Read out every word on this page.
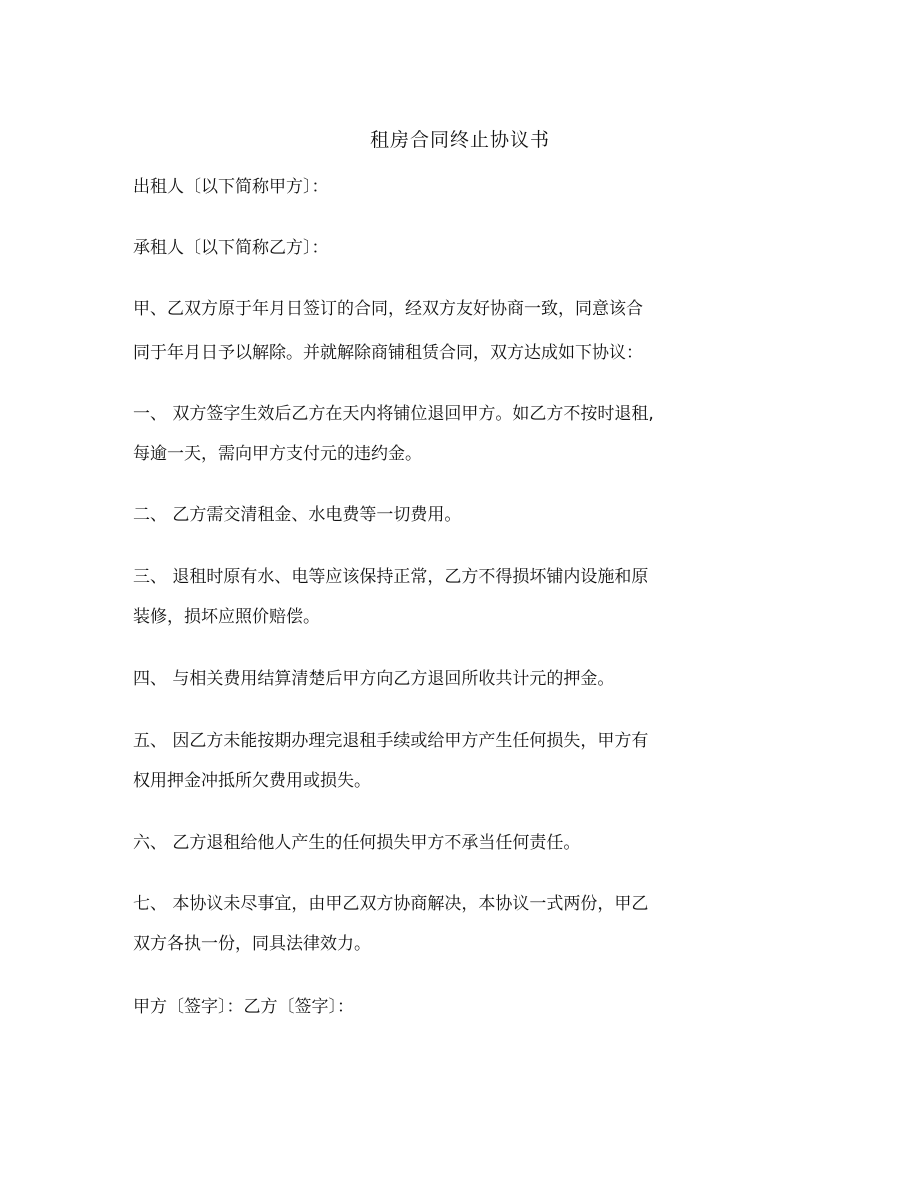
租房合同终止协议书
出租人〔以下简称甲方〕：
承租人〔以下简称乙方〕：
甲、乙双方原于年月日签订的合同，经双方友好协商一致，同意该合
同于年月日予以解除。并就解除商铺租赁合同，双方达成如下协议：
一、 双方签字生效后乙方在天内将铺位退回甲方。如乙方不按时退租,
每逾一天，需向甲方支付元的违约金。
二、 乙方需交清租金、水电费等一切费用。
三、 退租时原有水、电等应该保持正常，乙方不得损坏铺内设施和原
装修，损坏应照价赔偿。
四、 与相关费用结算清楚后甲方向乙方退回所收共计元的押金。
五、 因乙方未能按期办理完退租手续或给甲方产生任何损失，甲方有
权用押金冲抵所欠费用或损失。
六、 乙方退租给他人产生的任何损失甲方不承当任何责任。
七、 本协议未尽事宜，由甲乙双方协商解决，本协议一式两份，甲乙
双方各执一份，同具法律效力。
甲方〔签字〕：乙方〔签字〕：
